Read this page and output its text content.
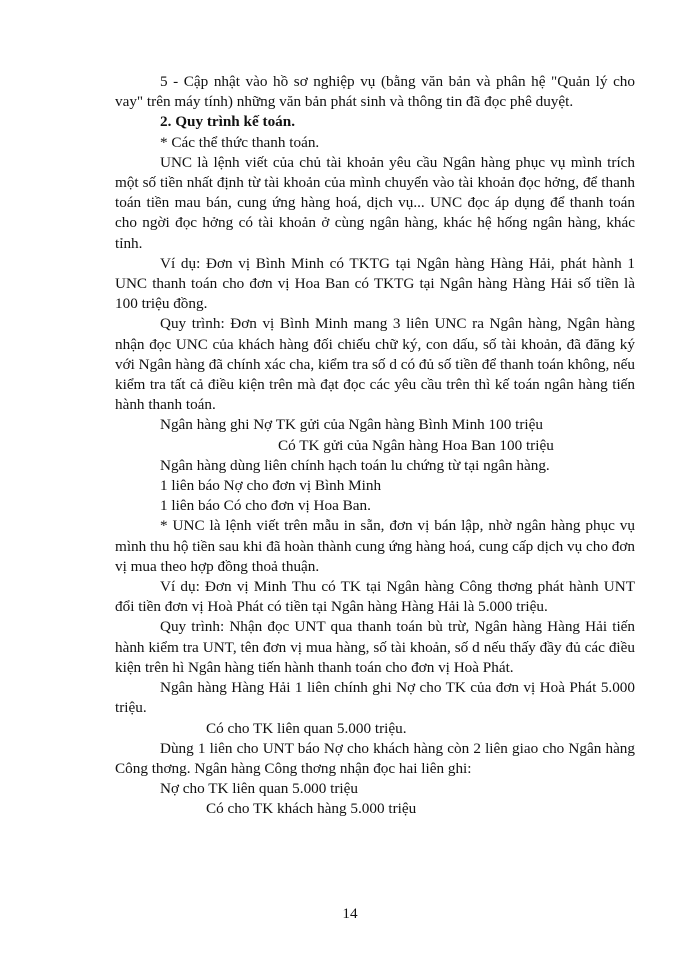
5 - Cập nhật vào hồ sơ nghiệp vụ (bằng văn bản và phân hệ "Quản lý cho vay" trên máy tính) những văn bản phát sinh và thông tin đã đọc phê duyệt.

2. Quy trình kế toán.

* Các thể thức thanh toán.

UNC là lệnh viết của chủ tài khoản yêu cầu Ngân hàng phục vụ mình trích một số tiền nhất định từ tài khoản của mình chuyển vào tài khoản đọc hởng, để thanh toán tiền mau bán, cung ứng hàng hoá, dịch vụ... UNC đọc áp dụng để thanh toán cho ngời đọc hởng có tài khoản ở cùng ngân hàng, khác hệ hống ngân hàng, khác tỉnh.

Ví dụ: Đơn vị Bình Minh có TKTG tại Ngân hàng Hàng Hải, phát hành 1 UNC thanh toán cho đơn vị Hoa Ban có TKTG tại Ngân hàng Hàng Hải số tiền là 100 triệu đồng.

Quy trình: Đơn vị Bình Minh mang 3 liên UNC ra Ngân hàng, Ngân hàng nhận đọc UNC của khách hàng đối chiếu chữ ký, con dấu, số tài khoản, đã đăng ký với Ngân hàng đã chính xác cha, kiểm tra số d có đủ số tiền để thanh toán không, nếu kiểm tra tất cả điều kiện trên mà đạt đọc các yêu cầu trên thì kế toán ngân hàng tiến hành thanh toán.

Ngân hàng ghi Nợ TK gửi của Ngân hàng Bình Minh 100 triệu

Có TK gửi của Ngân hàng Hoa Ban 100 triệu

Ngân hàng dùng liên chính hạch toán lu chứng từ tại ngân hàng.

1 liên báo Nợ cho đơn vị Bình Minh

1 liên báo Có cho đơn vị Hoa Ban.

* UNC là lệnh viết trên mẫu in sẵn, đơn vị bán lập, nhờ ngân hàng phục vụ mình thu hộ tiền sau khi đã hoàn thành cung ứng hàng hoá, cung cấp dịch vụ cho đơn vị mua theo hợp đồng thoả thuận.

Ví dụ: Đơn vị Minh Thu có TK tại Ngân hàng Công thơng phát hành UNT đổi tiền đơn vị Hoà Phát có tiền tại Ngân hàng Hàng Hải là 5.000 triệu.

Quy trình: Nhận đọc UNT qua thanh toán bù trừ, Ngân hàng Hàng Hải tiến hành kiểm tra UNT, tên đơn vị mua hàng, số tài khoản, số d nếu thấy đầy đủ các điều kiện trên hì Ngân hàng tiến hành thanh toán cho đơn vị Hoà Phát.

Ngân hàng Hàng Hải 1 liên chính ghi Nợ cho TK của đơn vị Hoà Phát 5.000 triệu.

Có cho TK liên quan 5.000 triệu.

Dùng 1 liên cho UNT báo Nợ cho khách hàng còn 2 liên giao cho Ngân hàng Công thơng. Ngân hàng Công thơng nhận đọc hai liên ghi:

Nợ cho TK liên quan 5.000 triệu

Có cho TK khách hàng 5.000 triệu

14
